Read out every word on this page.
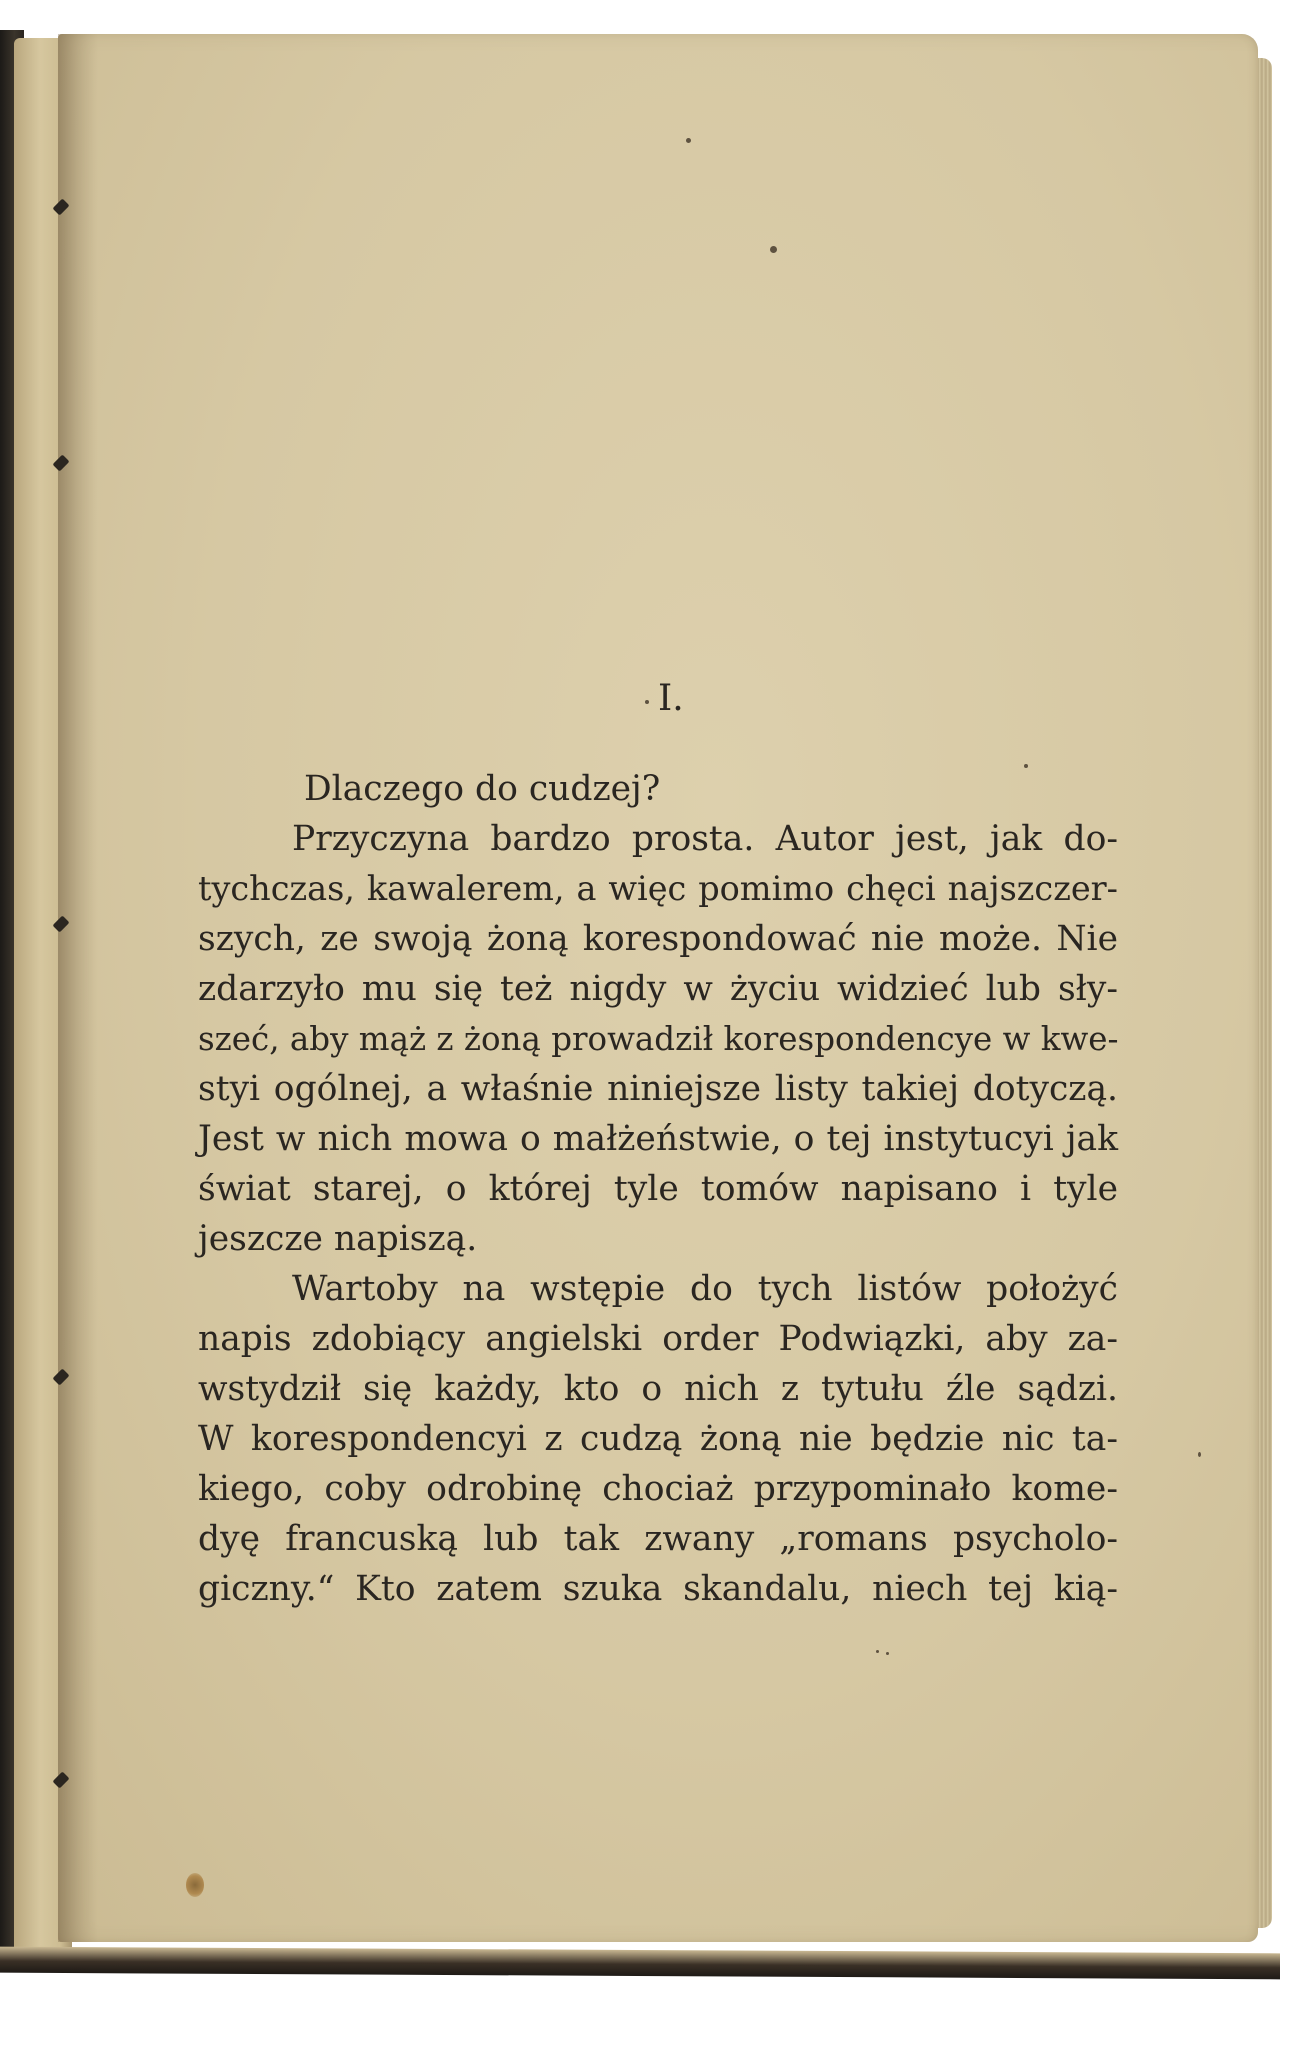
I.
Dlaczego do cudzej?
Przyczyna bardzo prosta. Autor jest, jak do-
tychczas, kawalerem, a więc pomimo chęci najszczer-
szych, ze swoją żoną korespondować nie może. Nie
zdarzyło mu się też nigdy w życiu widzieć lub sły-
szeć, aby mąż z żoną prowadził korespondencye w kwe-
styi ogólnej, a właśnie niniejsze listy takiej dotyczą.
Jest w nich mowa o małżeństwie, o tej instytucyi jak
świat starej, o której tyle tomów napisano i tyle
jeszcze napiszą.
Wartoby na wstępie do tych listów położyć
napis zdobiący angielski order Podwiązki, aby za-
wstydził się każdy, kto o nich z tytułu źle sądzi.
W korespondencyi z cudzą żoną nie będzie nic ta-
kiego, coby odrobinę chociaż przypominało kome-
dyę francuską lub tak zwany „romans psycholo-
giczny.“ Kto zatem szuka skandalu, niech tej kią-
